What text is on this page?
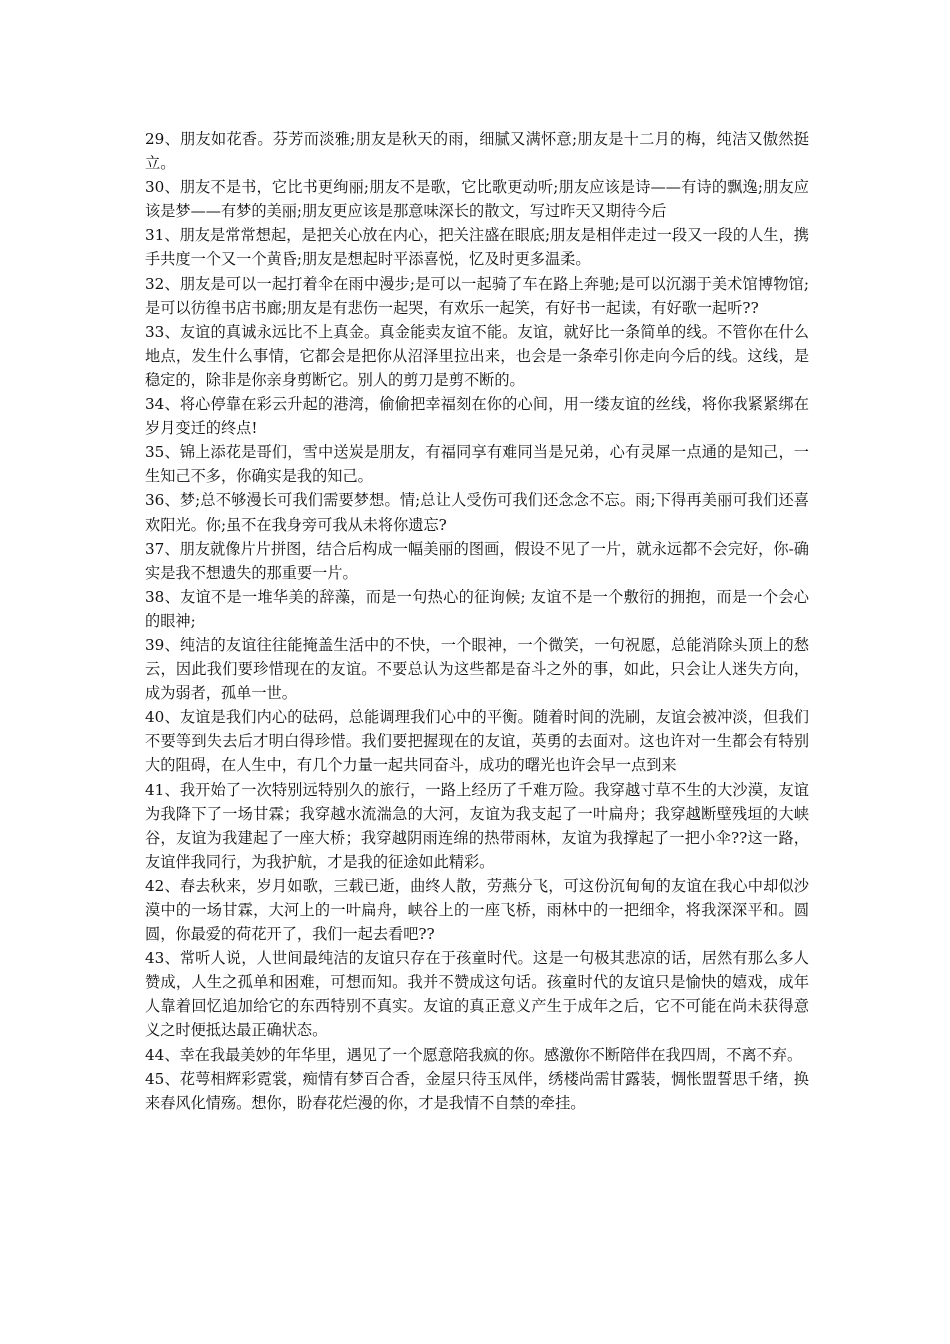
29、朋友如花香。芬芳而淡雅;朋友是秋天的雨，细腻又满怀意;朋友是十二月的梅，纯洁又傲然挺立。

30、朋友不是书，它比书更绚丽;朋友不是歌，它比歌更动听;朋友应该是诗——有诗的飘逸;朋友应该是梦——有梦的美丽;朋友更应该是那意味深长的散文，写过昨天又期待今后

31、朋友是常常想起，是把关心放在内心，把关注盛在眼底;朋友是相伴走过一段又一段的人生，携手共度一个又一个黄昏;朋友是想起时平添喜悦，忆及时更多温柔。

32、朋友是可以一起打着伞在雨中漫步;是可以一起骑了车在路上奔驰;是可以沉溺于美术馆博物馆;是可以彷徨书店书廊;朋友是有悲伤一起哭，有欢乐一起笑，有好书一起读，有好歌一起听??

33、友谊的真诚永远比不上真金。真金能卖友谊不能。友谊，就好比一条简单的线。不管你在什么地点，发生什么事情，它都会是把你从沼泽里拉出来，也会是一条牵引你走向今后的线。这线，是稳定的，除非是你亲身剪断它。别人的剪刀是剪不断的。

34、将心停靠在彩云升起的港湾，偷偷把幸福刻在你的心间，用一缕友谊的丝线，将你我紧紧绑在岁月变迁的终点!

35、锦上添花是哥们，雪中送炭是朋友，有福同享有难同当是兄弟，心有灵犀一点通的是知己，一生知己不多，你确实是我的知己。

36、梦;总不够漫长可我们需要梦想。情;总让人受伤可我们还念念不忘。雨;下得再美丽可我们还喜欢阳光。你;虽不在我身旁可我从未将你遗忘?

37、朋友就像片片拼图，结合后构成一幅美丽的图画，假设不见了一片，就永远都不会完好，你-确实是我不想遗失的那重要一片。

38、友谊不是一堆华美的辞藻，而是一句热心的征询候; 友谊不是一个敷衍的拥抱，而是一个会心的眼神;

39、纯洁的友谊往往能掩盖生活中的不快，一个眼神，一个微笑，一句祝愿，总能消除头顶上的愁云，因此我们要珍惜现在的友谊。不要总认为这些都是奋斗之外的事，如此，只会让人迷失方向，成为弱者，孤单一世。

40、友谊是我们内心的砝码，总能调理我们心中的平衡。随着时间的洗刷，友谊会被冲淡，但我们不要等到失去后才明白得珍惜。我们要把握现在的友谊，英勇的去面对。这也许对一生都会有特别大的阻碍，在人生中，有几个力量一起共同奋斗，成功的曙光也许会早一点到来

41、我开始了一次特别远特别久的旅行，一路上经历了千难万险。我穿越寸草不生的大沙漠，友谊为我降下了一场甘霖；我穿越水流湍急的大河，友谊为我支起了一叶扁舟；我穿越断壁残垣的大峡谷，友谊为我建起了一座大桥；我穿越阴雨连绵的热带雨林，友谊为我撑起了一把小伞??这一路，友谊伴我同行，为我护航，才是我的征途如此精彩。

42、春去秋来，岁月如歌，三载已逝，曲终人散，劳燕分飞，可这份沉甸甸的友谊在我心中却似沙漠中的一场甘霖，大河上的一叶扁舟，峡谷上的一座飞桥，雨林中的一把细伞，将我深深平和。圆圆，你最爱的荷花开了，我们一起去看吧??

43、常听人说，人世间最纯洁的友谊只存在于孩童时代。这是一句极其悲凉的话，居然有那么多人赞成，人生之孤单和困难，可想而知。我并不赞成这句话。孩童时代的友谊只是愉快的嬉戏，成年人靠着回忆追加给它的东西特别不真实。友谊的真正意义产生于成年之后，它不可能在尚未获得意义之时便抵达最正确状态。

44、幸在我最美妙的年华里，遇见了一个愿意陪我疯的你。感激你不断陪伴在我四周，不离不弃。

45、花萼相辉彩霓裳，痴情有梦百合香，金屋只待玉凤伴，绣楼尚需甘露装，惆怅盟誓思千绪，换来春风化情殇。想你，盼春花烂漫的你，才是我情不自禁的牵挂。
